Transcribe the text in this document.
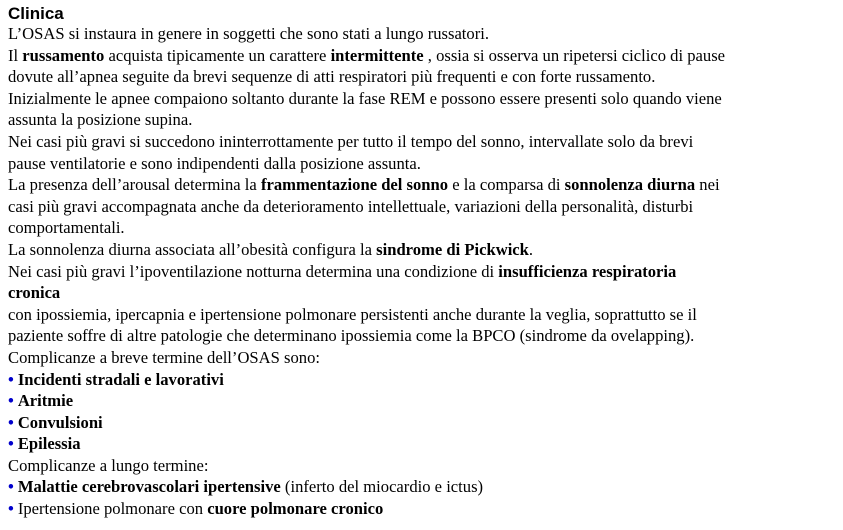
Clinica
L’OSAS si instaura in genere in soggetti che sono stati a lungo russatori.
Il russamento acquista tipicamente un carattere intermittente , ossia si osserva un ripetersi ciclico di pause
dovute all’apnea seguite da brevi sequenze di atti respiratori più frequenti e con forte russamento.
Inizialmente le apnee compaiono soltanto durante la fase REM e possono essere presenti solo quando viene
assunta la posizione supina.
Nei casi più gravi si succedono ininterrottamente per tutto il tempo del sonno, intervallate solo da brevi
pause ventilatorie e sono indipendenti dalla posizione assunta.
La presenza dell’arousal determina la frammentazione del sonno e la comparsa di sonnolenza diurna nei
casi più gravi accompagnata anche da deterioramento intellettuale, variazioni della personalità, disturbi
comportamentali.
La sonnolenza diurna associata all’obesità configura la sindrome di Pickwick.
Nei casi più gravi l’ipoventilazione notturna determina una condizione di insufficienza respiratoria
cronica
con ipossiemia, ipercapnia e ipertensione polmonare persistenti anche durante la veglia, soprattutto se il
paziente soffre di altre patologie che determinano ipossiemia come la BPCO (sindrome da ovelapping).
Complicanze a breve termine dell’OSAS sono:
• Incidenti stradali e lavorativi
• Aritmie
• Convulsioni
• Epilessia
Complicanze a lungo termine:
• Malattie cerebrovascolari ipertensive (inferto del miocardio e ictus)
• Ipertensione polmonare con cuore polmonare cronico
